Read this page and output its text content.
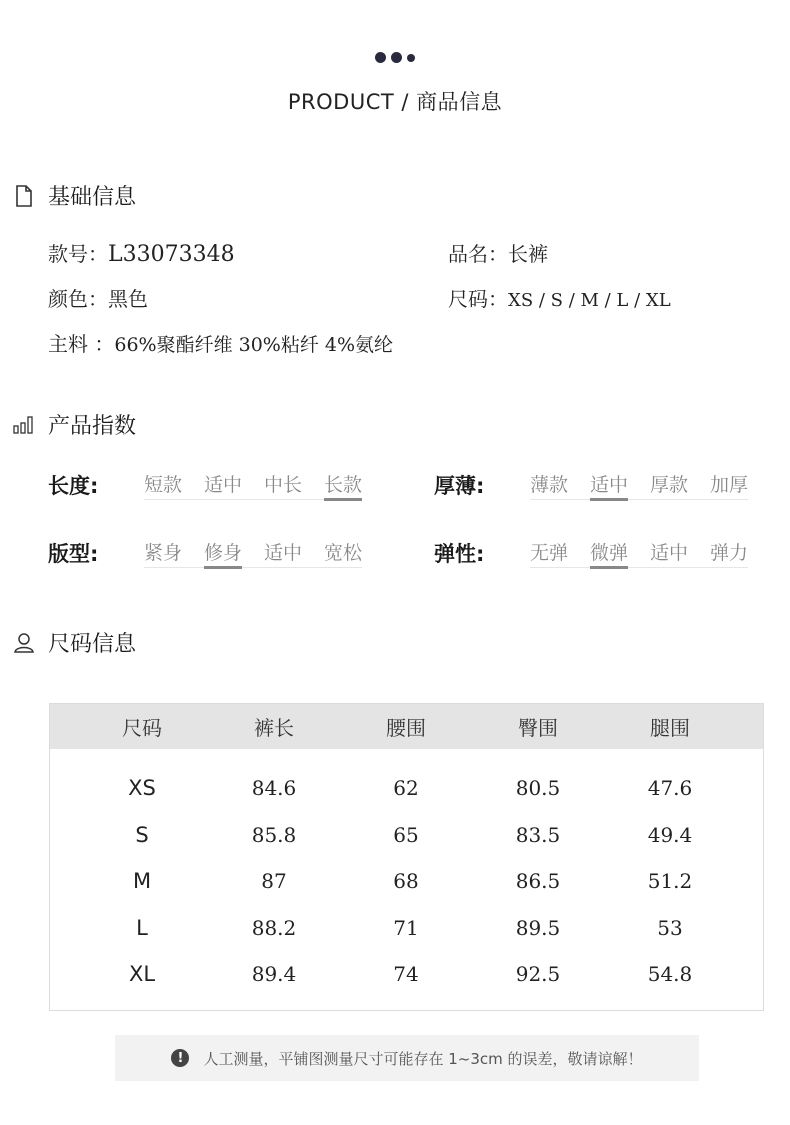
PRODUCT / 商品信息
基础信息
款号： L33073348	品名： 长裤
颜色： 黑色	尺码： XS / S / M / L / XL
主料 ： 66%聚酯纤维 30%粘纤 4%氨纶
产品指数
长度:	短款 适中 中长 长款	厚薄:	薄款 适中 厚款 加厚
版型:	紧身 修身 适中 宽松	弹性:	无弹 微弹 适中 弹力
尺码信息
尺码	裤长	腰围	臀围	腿围
XS	84.6	62	80.5	47.6
S	85.8	65	83.5	49.4
M	87	68	86.5	51.2
L	88.2	71	89.5	53
XL	89.4	74	92.5	54.8
!	人工测量，平铺图测量尺寸可能存在 1~3cm 的误差，敬请谅解！
